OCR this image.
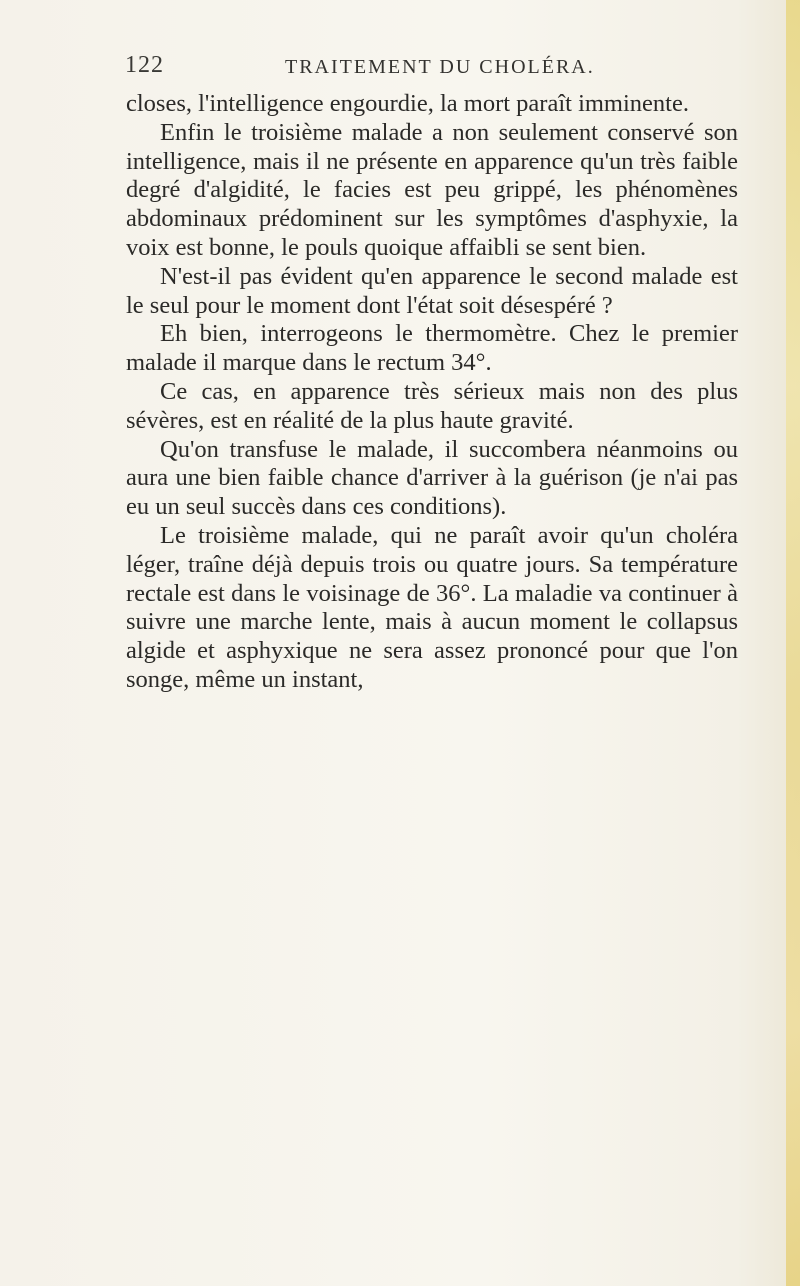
122	TRAITEMENT DU CHOLÉRA.

closes, l'intelligence engourdie, la mort paraît imminente.

Enfin le troisième malade a non seulement conservé son intelligence, mais il ne présente en apparence qu'un très faible degré d'algidité, le facies est peu grippé, les phénomènes abdominaux prédominent sur les symptômes d'asphyxie, la voix est bonne, le pouls quoique affaibli se sent bien.

N'est-il pas évident qu'en apparence le second malade est le seul pour le moment dont l'état soit désespéré ?

Eh bien, interrogeons le thermomètre. Chez le premier malade il marque dans le rectum 34°.

Ce cas, en apparence très sérieux mais non des plus sévères, est en réalité de la plus haute gravité.

Qu'on transfuse le malade, il succombera néanmoins ou aura une bien faible chance d'arriver à la guérison (je n'ai pas eu un seul succès dans ces conditions).

Le troisième malade, qui ne paraît avoir qu'un choléra léger, traîne déjà depuis trois ou quatre jours. Sa température rectale est dans le voisinage de 36°. La maladie va continuer à suivre une marche lente, mais à aucun moment le collapsus algide et asphyxique ne sera assez prononcé pour que l'on songe, même un instant,
